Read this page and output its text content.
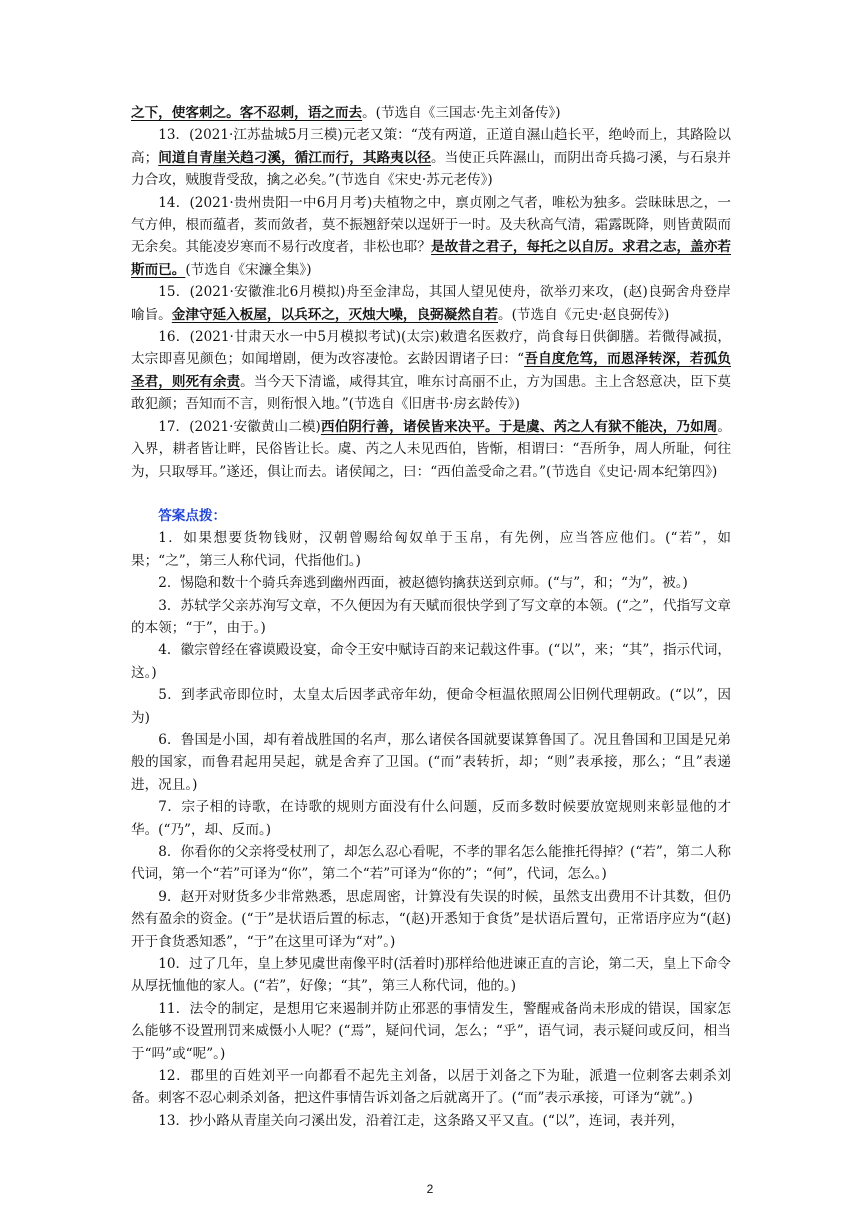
之下，使客刺之。客不忍刺，语之而去。(节选自《三国志·先主刘备传》)

13．(2021·江苏盐城5月三模)元老又策：“茂有两道，正道自濕山趋长平，绝岭而上，其路险以高；间道自青崖关趋刁溪，循江而行，其路夷以径。当使正兵阵濕山，而阴出奇兵捣刁溪，与石泉并力合攻，贼腹背受敌，擒之必矣。”(节选自《宋史·苏元老传》)

14．(2021·贵州贵阳一中6月月考)夫植物之中，禀贞刚之气者，唯松为独多。尝昧昧思之，一气方伸，根而蕴者，荄而敛者，莫不振翘舒荣以逞妍于一时。及夫秋高气清，霜露既降，则皆黄陨而无余矣。其能凌岁寒而不易行改度者，非松也耶？是故昔之君子，每托之以自厉。求君之志，盖亦若斯而已。(节选自《宋濂全集》)

15．(2021·安徽淮北6月模拟)舟至金津岛，其国人望见使舟，欲举刃来攻，(赵)良弼舍舟登岸喻旨。金津守延入板屋，以兵环之，灭烛大噪，良弼凝然自若。(节选自《元史·赵良弼传》)

16．(2021·甘肃天水一中5月模拟考试)(太宗)敕遣名医救疗，尚食每日供御膳。若微得减损，太宗即喜见颜色；如闻增剧，便为改容凄怆。玄龄因谓诸子曰：“吾自度危笃，而恩泽转深，若孤负圣君，则死有余责。当今天下清谧，咸得其宜，唯东讨高丽不止，方为国患。主上含怒意决，臣下莫敢犯颜；吾知而不言，则衔恨入地。”(节选自《旧唐书·房玄龄传》)

17．(2021·安徽黄山二模)西伯阴行善，诸侯皆来决平。于是虞、芮之人有狱不能决，乃如周。入界，耕者皆让畔，民俗皆让长。虞、芮之人未见西伯，皆惭，相谓曰：“吾所争，周人所耻，何往为，只取辱耳。”遂还，俱让而去。诸侯闻之，曰：“西伯盖受命之君。”(节选自《史记·周本纪第四》)

答案点拨：

1．如果想要货物钱财，汉朝曾赐给匈奴单于玉帛，有先例，应当答应他们。(“若”，如果；“之”，第三人称代词，代指他们。)

2．惕隐和数十个骑兵奔逃到幽州西面，被赵德钧擒获送到京师。(“与”，和；“为”，被。)

3．苏轼学父亲苏洵写文章，不久便因为有天赋而很快学到了写文章的本领。(“之”，代指写文章的本领；“于”，由于。)

4．徽宗曾经在睿谟殿设宴，命令王安中赋诗百韵来记载这件事。(“以”，来；“其”，指示代词，这。)

5．到孝武帝即位时，太皇太后因孝武帝年幼，便命令桓温依照周公旧例代理朝政。(“以”，因为)

6．鲁国是小国，却有着战胜国的名声，那么诸侯各国就要谋算鲁国了。况且鲁国和卫国是兄弟般的国家，而鲁君起用吴起，就是舍弃了卫国。(“而”表转折，却；“则”表承接，那么；“且”表递进，况且。)

7．宗子相的诗歌，在诗歌的规则方面没有什么问题，反而多数时候要放宽规则来彰显他的才华。(“乃”，却、反而。)

8．你看你的父亲将受杖刑了，却怎么忍心看呢，不孝的罪名怎么能推托得掉？(“若”，第二人称代词，第一个“若”可译为“你”，第二个“若”可译为“你的”；“何”，代词，怎么。)

9．赵开对财货多少非常熟悉，思虑周密，计算没有失误的时候，虽然支出费用不计其数，但仍然有盈余的资金。(“于”是状语后置的标志，“(赵)开悉知于食货”是状语后置句，正常语序应为“(赵)开于食货悉知悉”，“于”在这里可译为“对”。)

10．过了几年，皇上梦见虞世南像平时(活着时)那样给他进谏正直的言论，第二天，皇上下命令从厚抚恤他的家人。(“若”，好像；“其”，第三人称代词，他的。)

11．法令的制定，是想用它来遏制并防止邪恶的事情发生，警醒戒备尚未形成的错误，国家怎么能够不设置刑罚来威慑小人呢？(“焉”，疑问代词，怎么；“乎”，语气词，表示疑问或反问，相当于“吗”或“呢”。)

12．郡里的百姓刘平一向都看不起先主刘备，以居于刘备之下为耻，派遣一位刺客去刺杀刘备。刺客不忍心刺杀刘备，把这件事情告诉刘备之后就离开了。(“而”表示承接，可译为“就”。)

13．抄小路从青崖关向刁溪出发，沿着江走，这条路又平又直。(“以”，连词，表并列，

2
